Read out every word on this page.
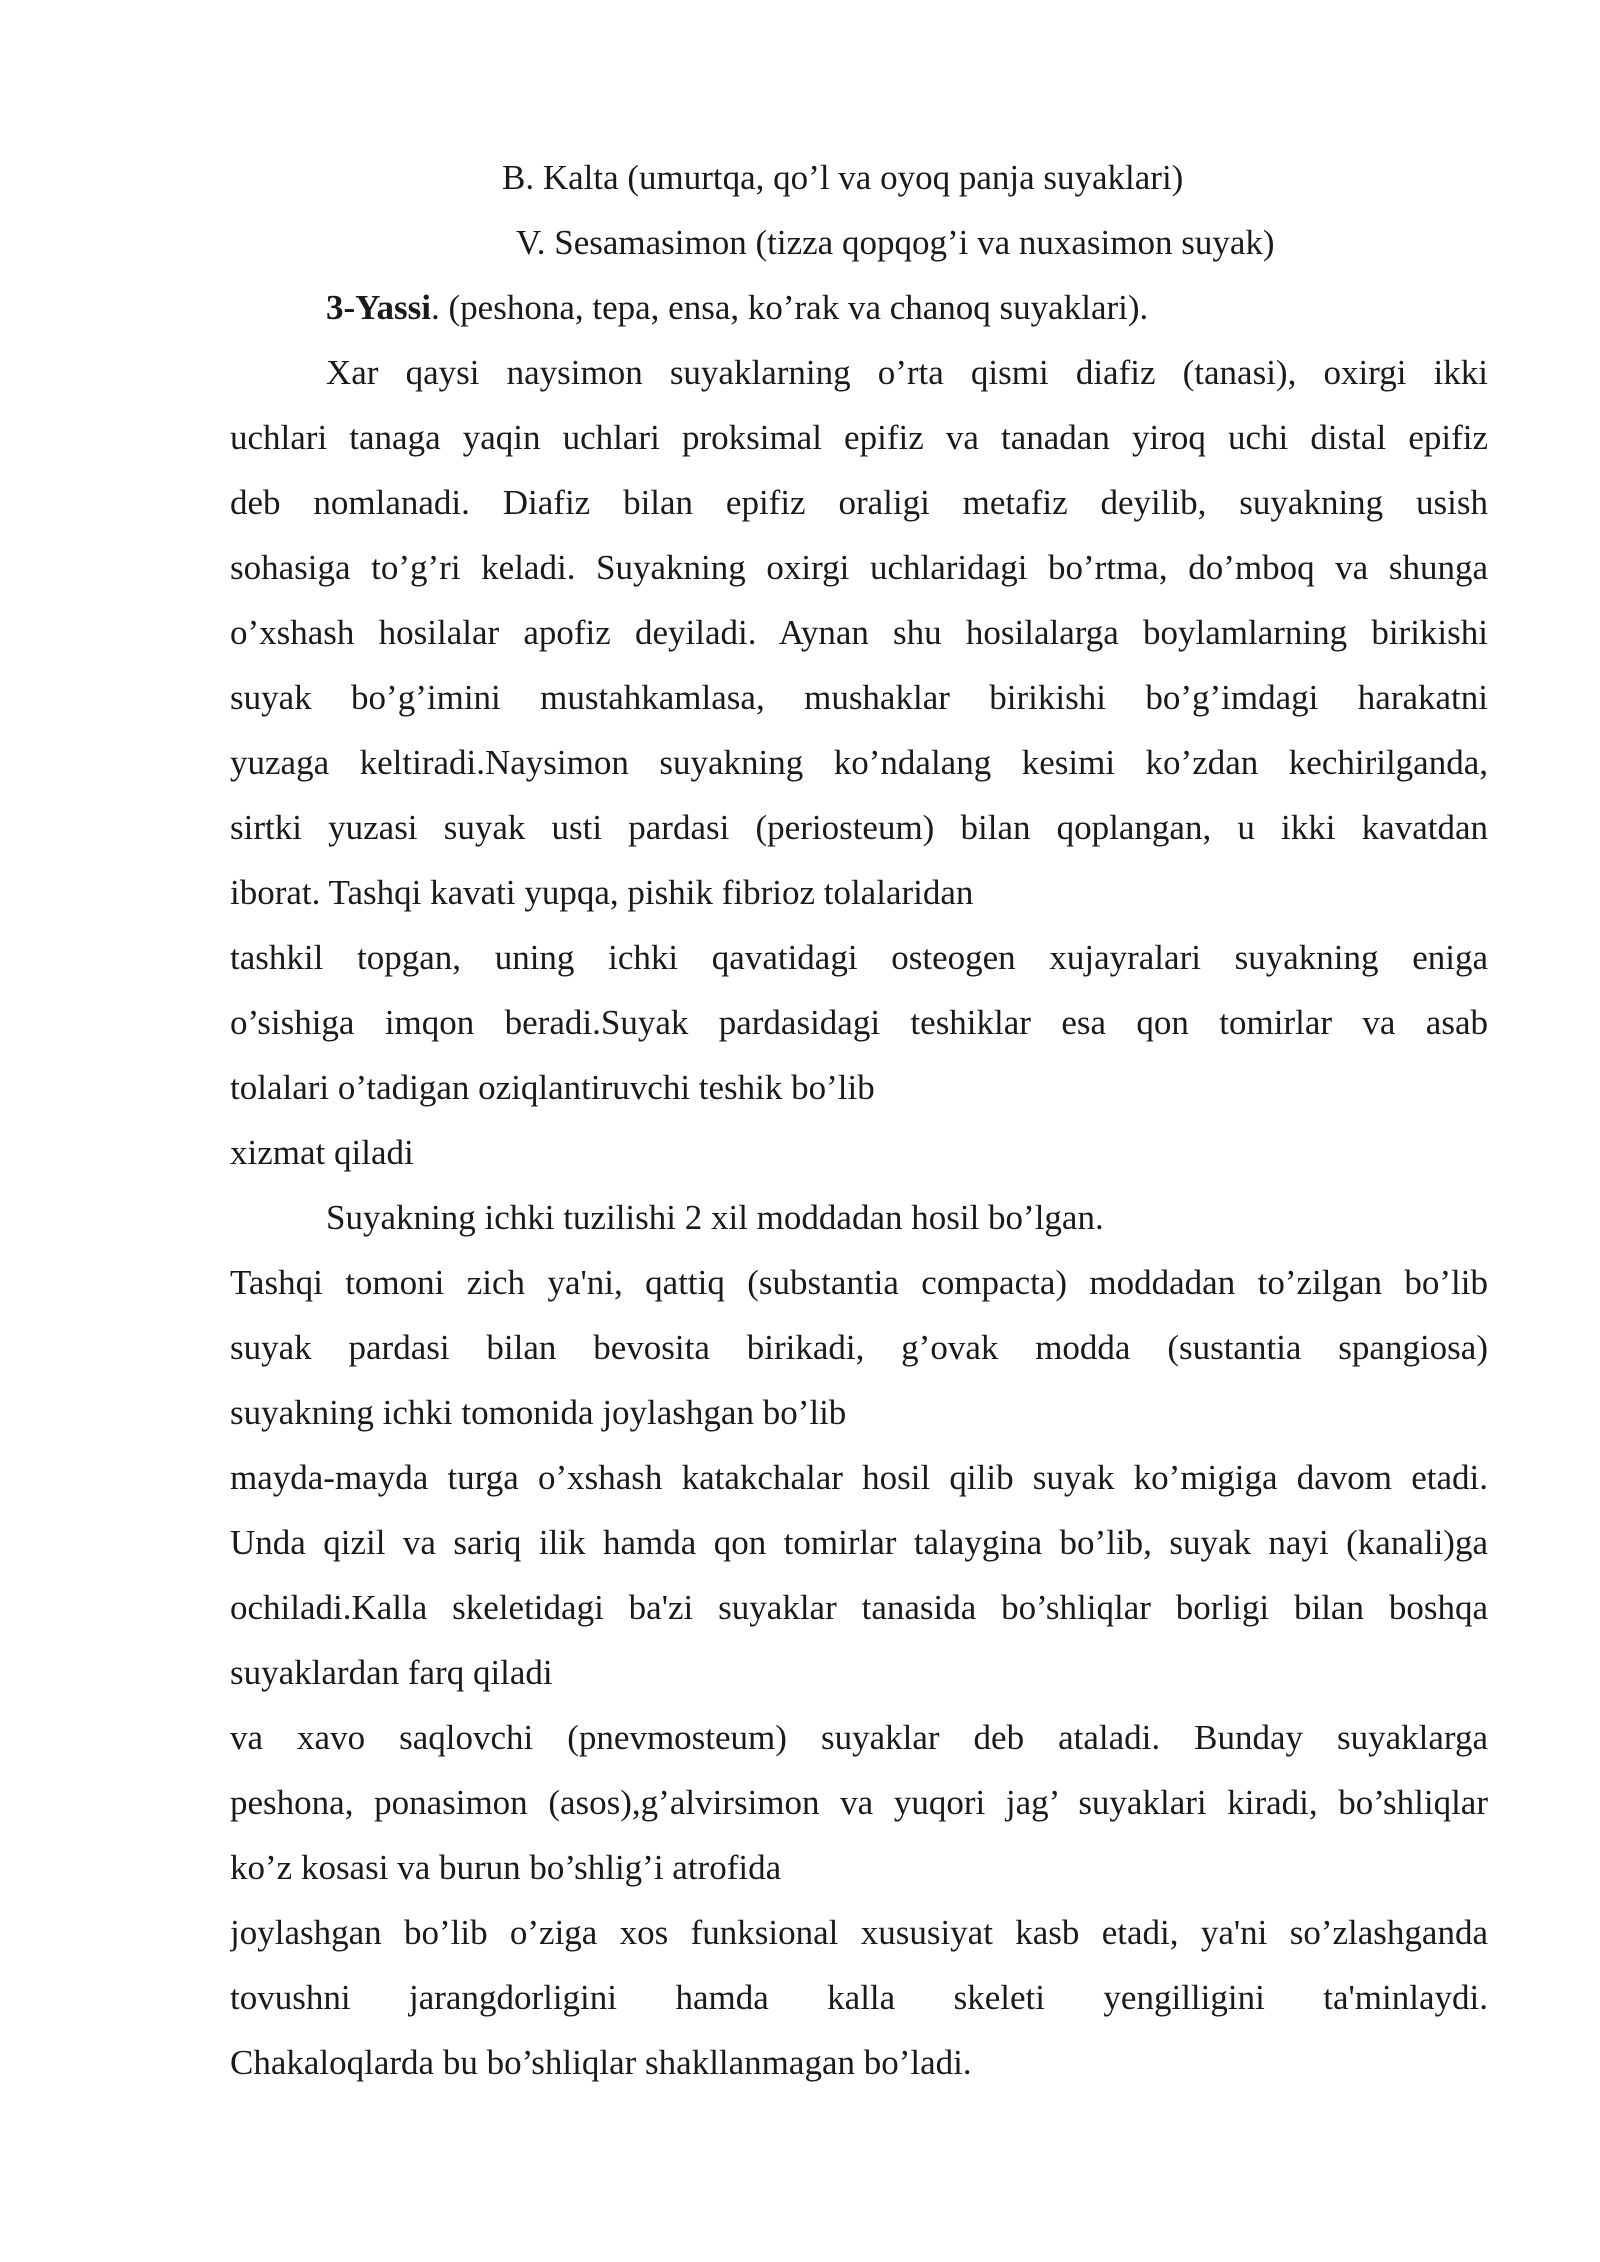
B. Kalta (umurtqa, qo’l va oyoq panja suyaklari)
V. Sesamasimon (tizza qopqog’i va nuxasimon suyak)
3-Yassi. (peshona, tepa, ensa, ko’rak va chanoq suyaklari).
Xar qaysi naysimon suyaklarning o’rta qismi diafiz (tanasi), oxirgi ikki
uchlari tanaga yaqin uchlari proksimal epifiz va tanadan yiroq uchi distal epifiz
deb nomlanadi. Diafiz bilan epifiz oraligi metafiz deyilib, suyakning usish
sohasiga to’g’ri keladi. Suyakning oxirgi uchlaridagi bo’rtma, do’mboq va shunga
o’xshash hosilalar apofiz deyiladi. Aynan shu hosilalarga boylamlarning birikishi
suyak bo’g’imini mustahkamlasa, mushaklar birikishi bo’g’imdagi harakatni
yuzaga keltiradi.Naysimon suyakning ko’ndalang kesimi ko’zdan kechirilganda,
sirtki yuzasi suyak usti pardasi (periosteum) bilan qoplangan, u ikki kavatdan
iborat. Tashqi kavati yupqa, pishik fibrioz tolalaridan
tashkil topgan, uning ichki qavatidagi osteogen xujayralari suyakning eniga
o’sishiga imqon beradi.Suyak pardasidagi teshiklar esa qon tomirlar va asab
tolalari o’tadigan oziqlantiruvchi teshik bo’lib
xizmat qiladi
Suyakning ichki tuzilishi 2 xil moddadan hosil bo’lgan.
Tashqi tomoni zich ya'ni, qattiq (substantia compacta) moddadan to’zilgan bo’lib
suyak pardasi bilan bevosita birikadi, g’ovak modda (sustantia spangiosa)
suyakning ichki tomonida joylashgan bo’lib
mayda-mayda turga o’xshash katakchalar hosil qilib suyak ko’migiga davom etadi.
Unda qizil va sariq ilik hamda qon tomirlar talaygina bo’lib, suyak nayi (kanali)ga
ochiladi.Kalla skeletidagi ba'zi suyaklar tanasida bo’shliqlar borligi bilan boshqa
suyaklardan farq qiladi
va xavo saqlovchi (pnevmosteum) suyaklar deb ataladi. Bunday suyaklarga
peshona, ponasimon (asos),g’alvirsimon va yuqori jag’ suyaklari kiradi, bo’shliqlar
ko’z kosasi va burun bo’shlig’i atrofida
joylashgan bo’lib o’ziga xos funksional xususiyat kasb etadi, ya'ni so’zlashganda
tovushni jarangdorligini hamda kalla skeleti yengilligini ta'minlaydi.
Chakaloqlarda bu bo’shliqlar shakllanmagan bo’ladi.
